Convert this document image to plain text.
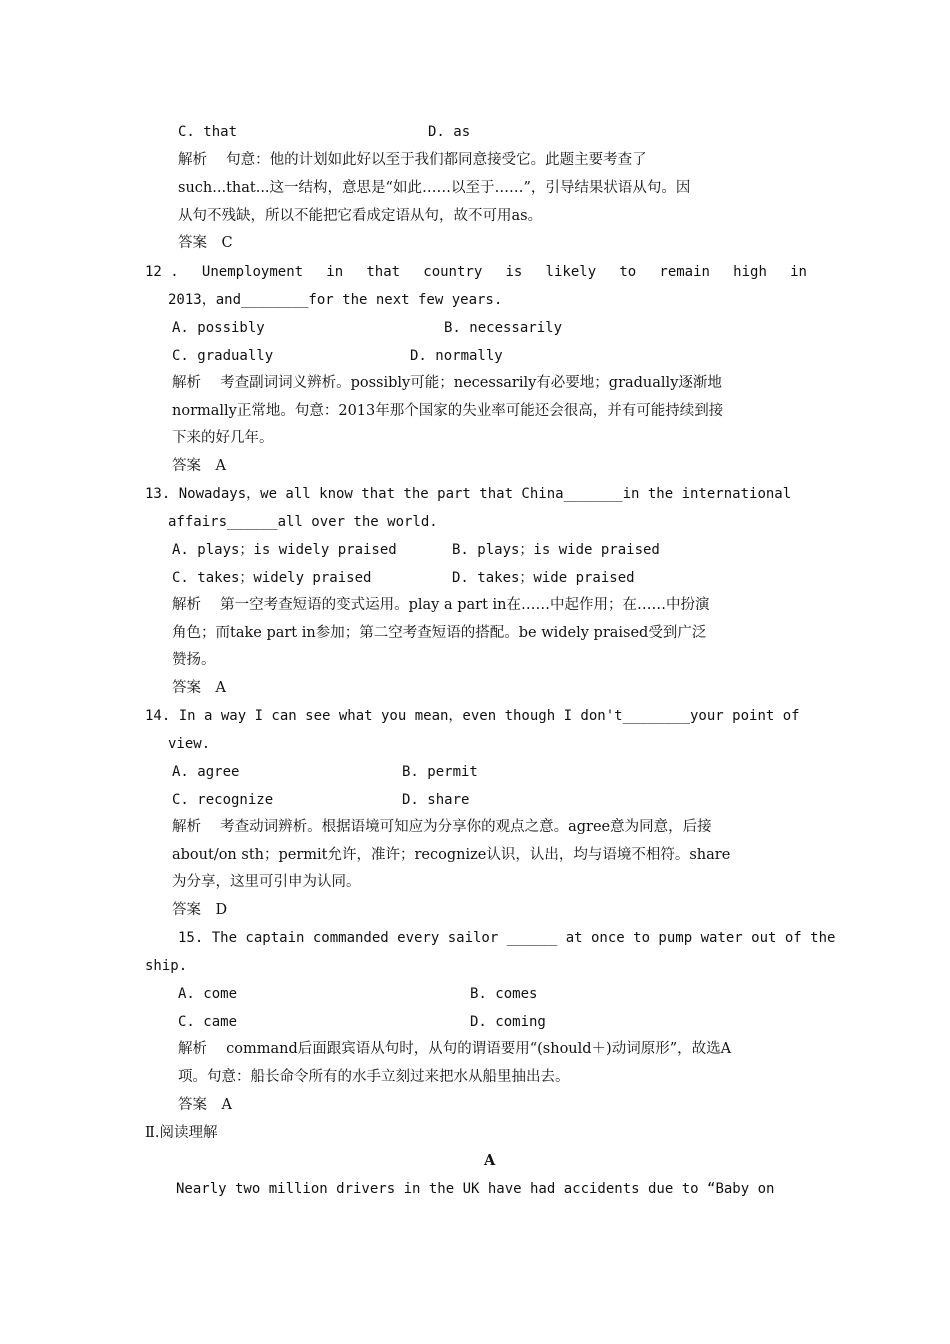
C. that	D. as
解析　 句意：他的计划如此好以至于我们都同意接受它。此题主要考查了
such...that...这一结构，意思是“如此……以至于……”，引导结果状语从句。因
从句不残缺，所以不能把它看成定语从句，故不可用as。
答案　C
12 . Unemployment in that country is likely to remain high in
2013，and________for the next few years.
A. possibly	B. necessarily
C. gradually	D. normally
解析　 考查副词词义辨析。possibly可能；necessarily有必要地；gradually逐渐地
normally正常地。句意：2013年那个国家的失业率可能还会很高，并有可能持续到接
下来的好几年。
答案　A
13. Nowadays，we all know that the part that China_______in the international
affairs______all over the world.
A. plays；is widely praised	B. plays；is wide praised
C. takes；widely praised	D. takes；wide praised
解析　 第一空考查短语的变式运用。play a part in在……中起作用；在……中扮演
角色；而take part in参加；第二空考查短语的搭配。be widely praised受到广泛
赞扬。
答案　A
14. In a way I can see what you mean，even though I don't________your point of
view.
A. agree	B. permit
C. recognize	D. share
解析　 考查动词辨析。根据语境可知应为分享你的观点之意。agree意为同意，后接
about/on sth；permit允许，准许；recognize认识，认出，均与语境不相符。share
为分享，这里可引申为认同。
答案　D
15. The captain commanded every sailor ______ at once to pump water out of the
ship.
A. come	B. comes
C. came	D. coming
解析　 command后面跟宾语从句时，从句的谓语要用“(should＋)动词原形”，故选A
项。句意：船长命令所有的水手立刻过来把水从船里抽出去。
答案　A
Ⅱ.阅读理解
A
Nearly two million drivers in the UK have had accidents due to “Baby on
